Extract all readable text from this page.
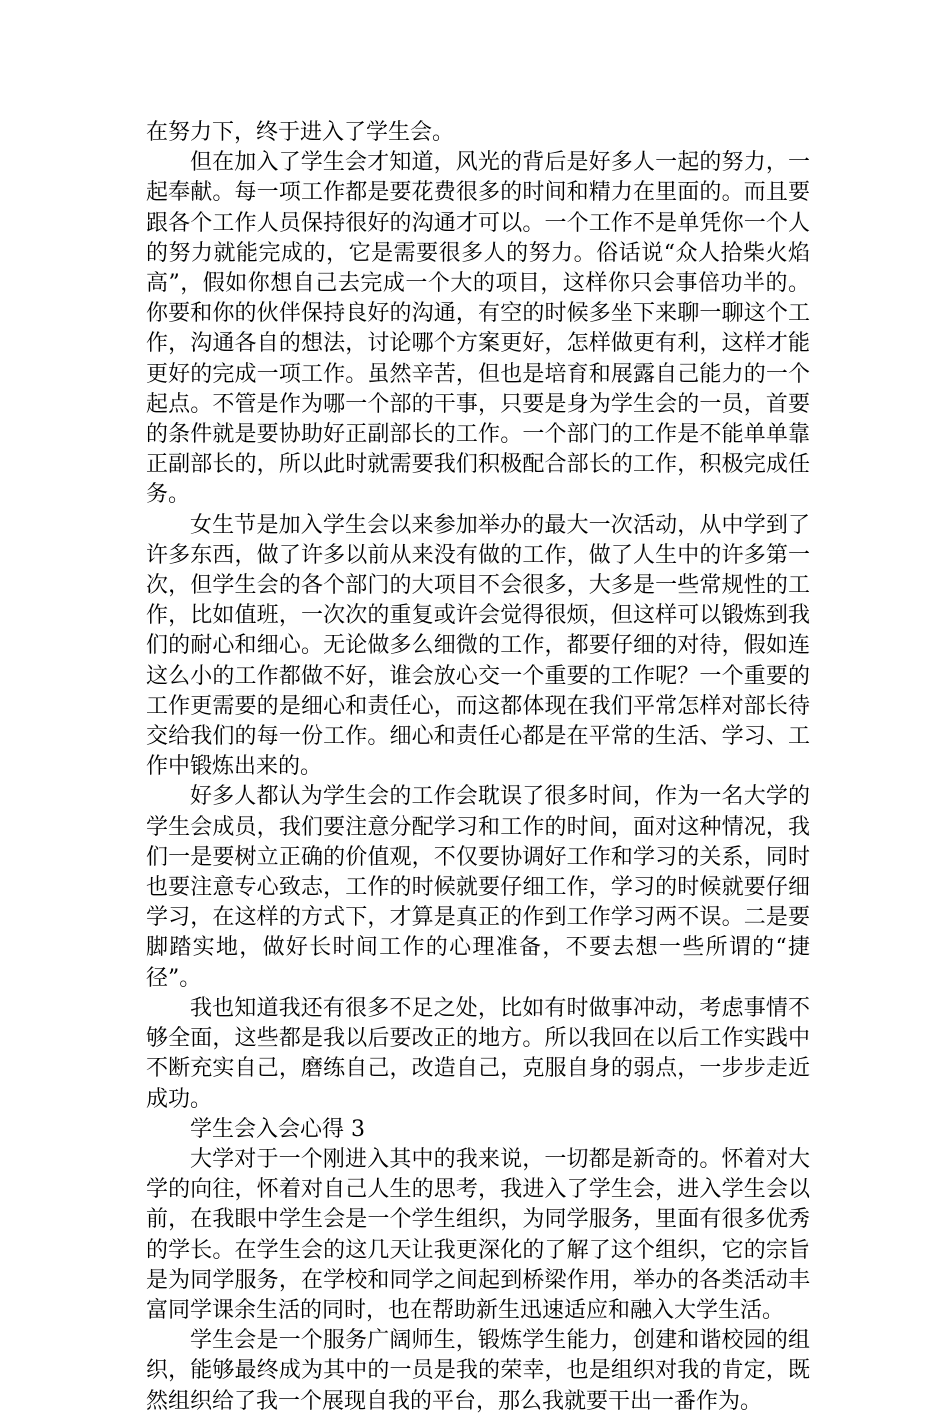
在努力下，终于进入了学生会。

但在加入了学生会才知道，风光的背后是好多人一起的努力，一起奉献。每一项工作都是要花费很多的时间和精力在里面的。而且要跟各个工作人员保持很好的沟通才可以。一个工作不是单凭你一个人的努力就能完成的，它是需要很多人的努力。俗话说“众人拾柴火焰高”，假如你想自己去完成一个大的项目，这样你只会事倍功半的。你要和你的伙伴保持良好的沟通，有空的时候多坐下来聊一聊这个工作，沟通各自的想法，讨论哪个方案更好，怎样做更有利，这样才能更好的完成一项工作。虽然辛苦，但也是培育和展露自己能力的一个起点。不管是作为哪一个部的干事，只要是身为学生会的一员，首要的条件就是要协助好正副部长的工作。一个部门的工作是不能单单靠正副部长的，所以此时就需要我们积极配合部长的工作，积极完成任务。

女生节是加入学生会以来参加举办的最大一次活动，从中学到了许多东西，做了许多以前从来没有做的工作，做了人生中的许多第一次，但学生会的各个部门的大项目不会很多，大多是一些常规性的工作，比如值班，一次次的重复或许会觉得很烦，但这样可以锻炼到我们的耐心和细心。无论做多么细微的工作，都要仔细的对待，假如连这么小的工作都做不好，谁会放心交一个重要的工作呢？一个重要的工作更需要的是细心和责任心，而这都体现在我们平常怎样对部长待交给我们的每一份工作。细心和责任心都是在平常的生活、学习、工作中锻炼出来的。

好多人都认为学生会的工作会耽误了很多时间，作为一名大学的学生会成员，我们要注意分配学习和工作的时间，面对这种情况，我们一是要树立正确的价值观，不仅要协调好工作和学习的关系，同时也要注意专心致志，工作的时候就要仔细工作，学习的时候就要仔细学习，在这样的方式下，才算是真正的作到工作学习两不误。二是要脚踏实地，做好长时间工作的心理准备，不要去想一些所谓的“捷径”。

我也知道我还有很多不足之处，比如有时做事冲动，考虑事情不够全面，这些都是我以后要改正的地方。所以我回在以后工作实践中不断充实自己，磨练自己，改造自己，克服自身的弱点，一步步走近成功。

学生会入会心得 3

大学对于一个刚进入其中的我来说，一切都是新奇的。怀着对大学的向往，怀着对自己人生的思考，我进入了学生会，进入学生会以前，在我眼中学生会是一个学生组织，为同学服务，里面有很多优秀的学长。在学生会的这几天让我更深化的了解了这个组织，它的宗旨是为同学服务，在学校和同学之间起到桥梁作用，举办的各类活动丰富同学课余生活的同时，也在帮助新生迅速适应和融入大学生活。

学生会是一个服务广阔师生，锻炼学生能力，创建和谐校园的组织，能够最终成为其中的一员是我的荣幸，也是组织对我的肯定，既然组织给了我一个展现自我的平台，那么我就要干出一番作为。
